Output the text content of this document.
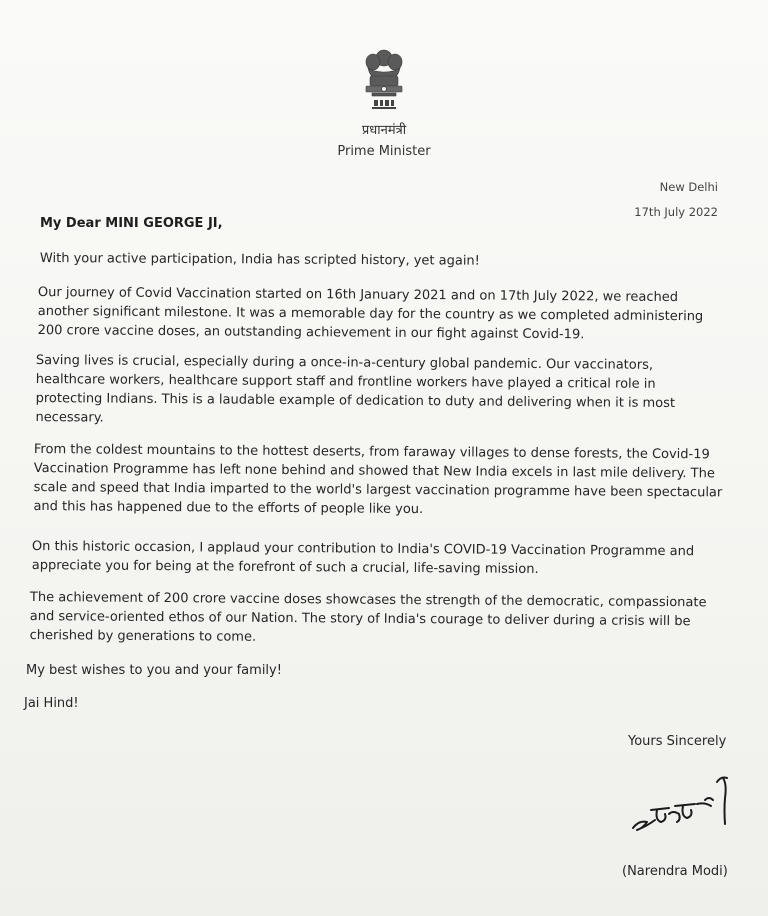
प्रधानमंत्री
Prime Minister
New Delhi
17th July 2022
My Dear MINI GEORGE JI,
With your active participation, India has scripted history, yet again!
Our journey of Covid Vaccination started on 16th January 2021 and on 17th July 2022, we reached another significant milestone. It was a memorable day for the country as we completed administering 200 crore vaccine doses, an outstanding achievement in our fight against Covid-19.
Saving lives is crucial, especially during a once-in-a-century global pandemic. Our vaccinators, healthcare workers, healthcare support staff and frontline workers have played a critical role in protecting Indians. This is a laudable example of dedication to duty and delivering when it is most necessary.
From the coldest mountains to the hottest deserts, from faraway villages to dense forests, the Covid-19 Vaccination Programme has left none behind and showed that New India excels in last mile delivery. The scale and speed that India imparted to the world's largest vaccination programme have been spectacular and this has happened due to the efforts of people like you.
On this historic occasion, I applaud your contribution to India's COVID-19 Vaccination Programme and appreciate you for being at the forefront of such a crucial, life-saving mission.
The achievement of 200 crore vaccine doses showcases the strength of the democratic, compassionate and service-oriented ethos of our Nation. The story of India's courage to deliver during a crisis will be cherished by generations to come.
My best wishes to you and your family!
Jai Hind!
Yours Sincerely
(Narendra Modi)
